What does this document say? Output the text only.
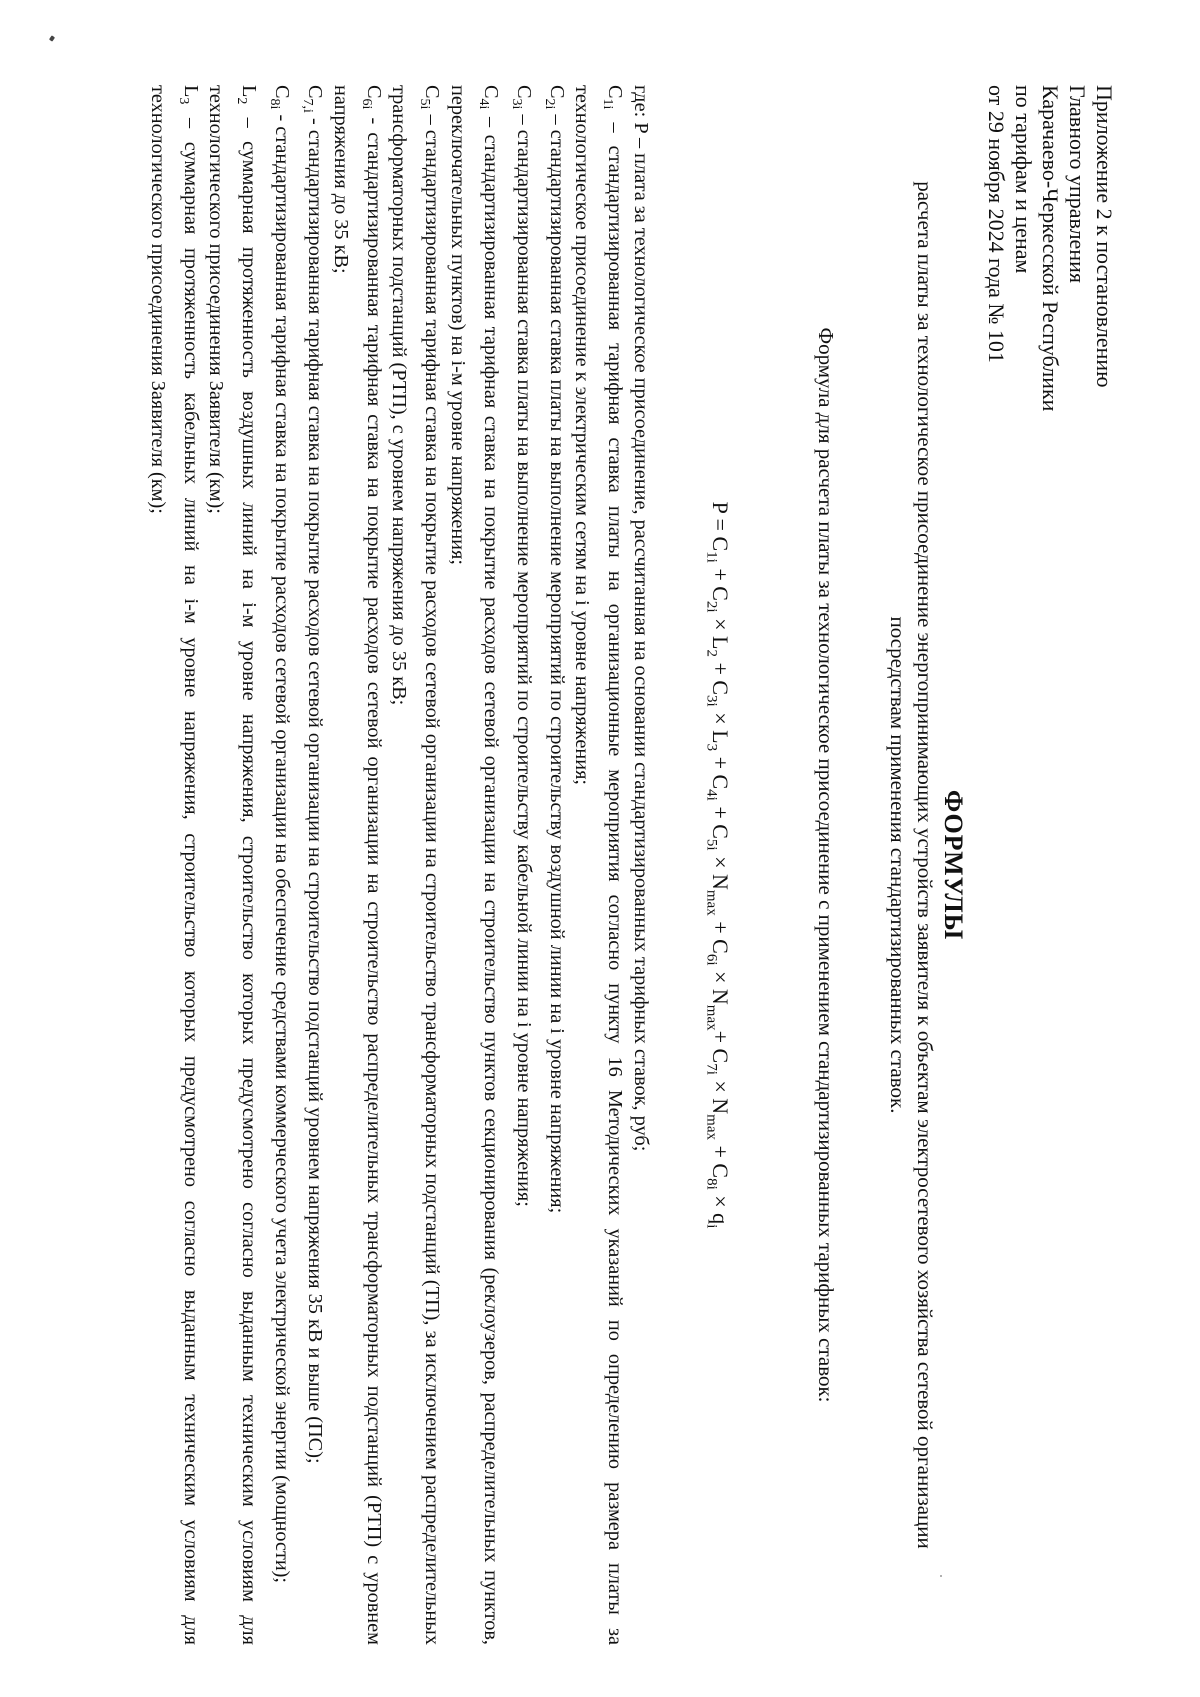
Приложение 2 к постановлению
Главного управления
Карачаево-Черкесской Республики
по тарифам и ценам
от 29 ноября 2024 года № 101
ФОРМУЛЫ
расчета платы за технологическое присоединение энергопринимающих устройств заявителя к объектам электросетевого хозяйства сетевой организации посредствам применения стандартизированных ставок.
Формула для расчета платы за технологическое присоединение с применением стандартизированных тарифных ставок:
$P = C_{1i} + C_{2i} \times L_2 + C_{3i} \times L_3 + C_{4i} + C_{5i} \times N_{max} + C_{6i} \times N_{max}+ C_{7i} \times N_{max} + C_{8i} \times q_i$

где: P – плата за технологическое присоединение, рассчитанная на основании стандартизированных тарифных ставок, руб;

$C_{1i}$ – стандартизированная тарифная ставка платы на организационные мероприятия согласно пункту 16 Методических указаний по определению размера платы за технологическое присоединение к электрическим сетям на i уровне напряжения;

$C_{2i}$ – стандартизированная ставка платы на выполнение мероприятий по строительству воздушной линии на i уровне напряжения;

$C_{3i}$ – стандартизированная ставка платы на выполнение мероприятий по строительству кабельной линии на i уровне напряжения;

$C_{4i}$ – стандартизированная тарифная ставка на покрытие расходов сетевой организации на строительство пунктов секционирования (реклоузеров, распределительных пунктов, переключательных пунктов) на i-м уровне напряжения;

$C_{5i}$ – стандартизированная тарифная ставка на покрытие расходов сетевой организации на строительство трансформаторных подстанций (ТП), за исключением распределительных трансформаторных подстанций (РТП), с уровнем напряжения до 35 кВ;

$C_{6i}$ - стандартизированная тарифная ставка на покрытие расходов сетевой организации на строительство распределительных трансформаторных подстанций (РТП) с уровнем напряжения до 35 кВ;

$C_{7,i}$ - стандартизированная тарифная ставка на покрытие расходов сетевой организации на строительство подстанций уровнем напряжения 35 кВ и выше (ПС);

$C_{8i}$ - стандартизированная тарифная ставка на покрытие расходов сетевой организации на обеспечение средствами коммерческого учета электрической энергии (мощности);

$L_2$ – суммарная протяженность воздушных линий на i-м уровне напряжения, строительство которых предусмотрено согласно выданным техническим условиям для технологического присоединения Заявителя (км);

$L_3$ – суммарная протяженность кабельных линий на i-м уровне напряжения, строительство которых предусмотрено согласно выданным техническим условиям для технологического присоединения Заявителя (км);
